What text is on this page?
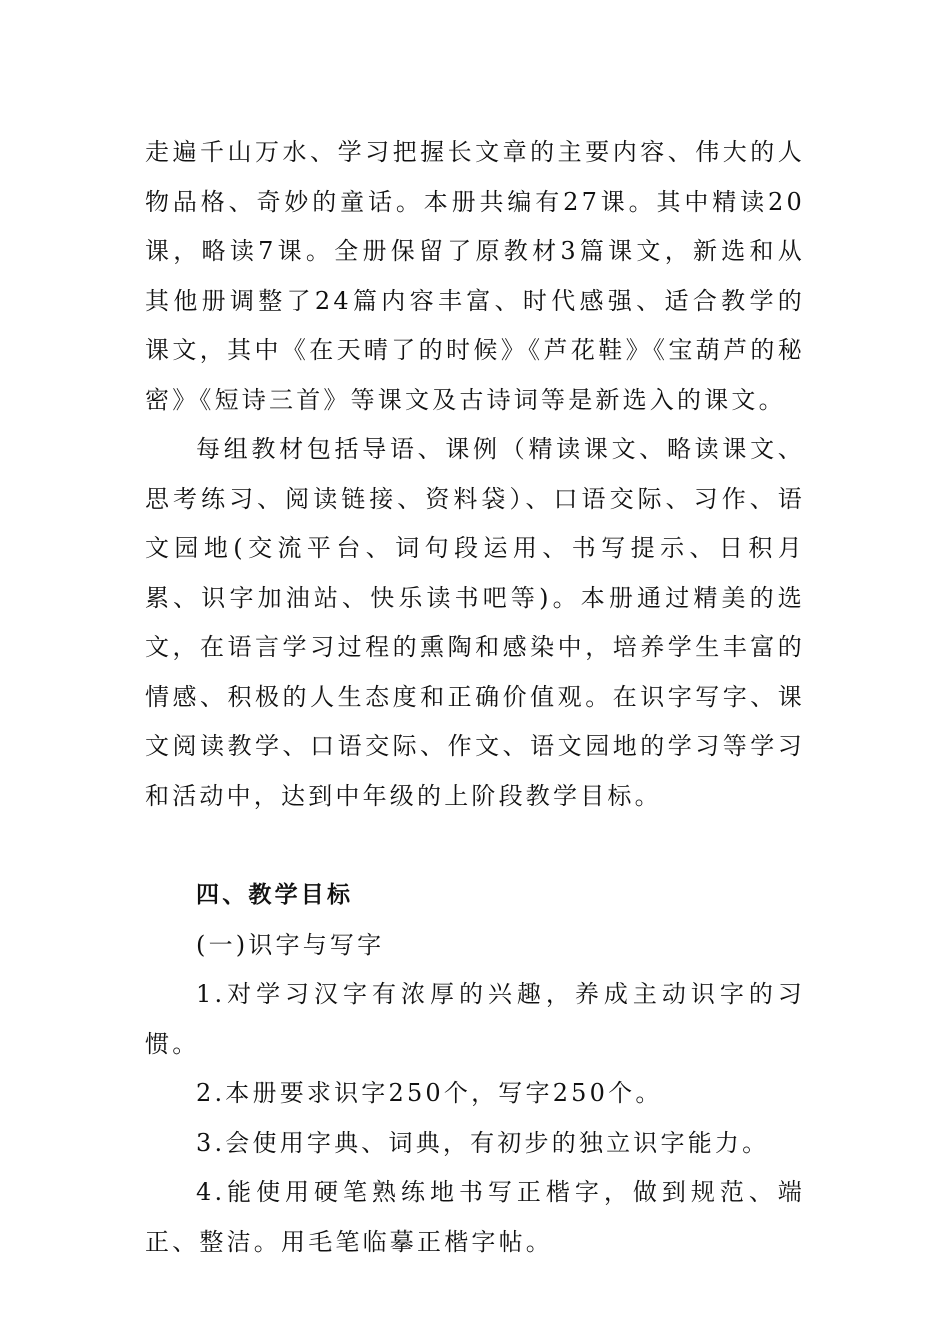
走遍千山万水、学习把握长文章的主要内容、伟大的人物品格、奇妙的童话。本册共编有27课。其中精读20课，略读7课。全册保留了原教材3篇课文，新选和从其他册调整了24篇内容丰富、时代感强、适合教学的课文，其中《在天晴了的时候》《芦花鞋》《宝葫芦的秘密》《短诗三首》等课文及古诗词等是新选入的课文。

每组教材包括导语、课例（精读课文、略读课文、思考练习、阅读链接、资料袋）、口语交际、习作、语文园地(交流平台、词句段运用、书写提示、日积月累、识字加油站、快乐读书吧等)。本册通过精美的选文，在语言学习过程的熏陶和感染中，培养学生丰富的情感、积极的人生态度和正确价值观。在识字写字、课文阅读教学、口语交际、作文、语文园地的学习等学习和活动中，达到中年级的上阶段教学目标。

四、教学目标

(一)识字与写字

1.对学习汉字有浓厚的兴趣，养成主动识字的习惯。

2.本册要求识字250个，写字250个。

3.会使用字典、词典，有初步的独立识字能力。

4.能使用硬笔熟练地书写正楷字，做到规范、端正、整洁。用毛笔临摹正楷字帖。
